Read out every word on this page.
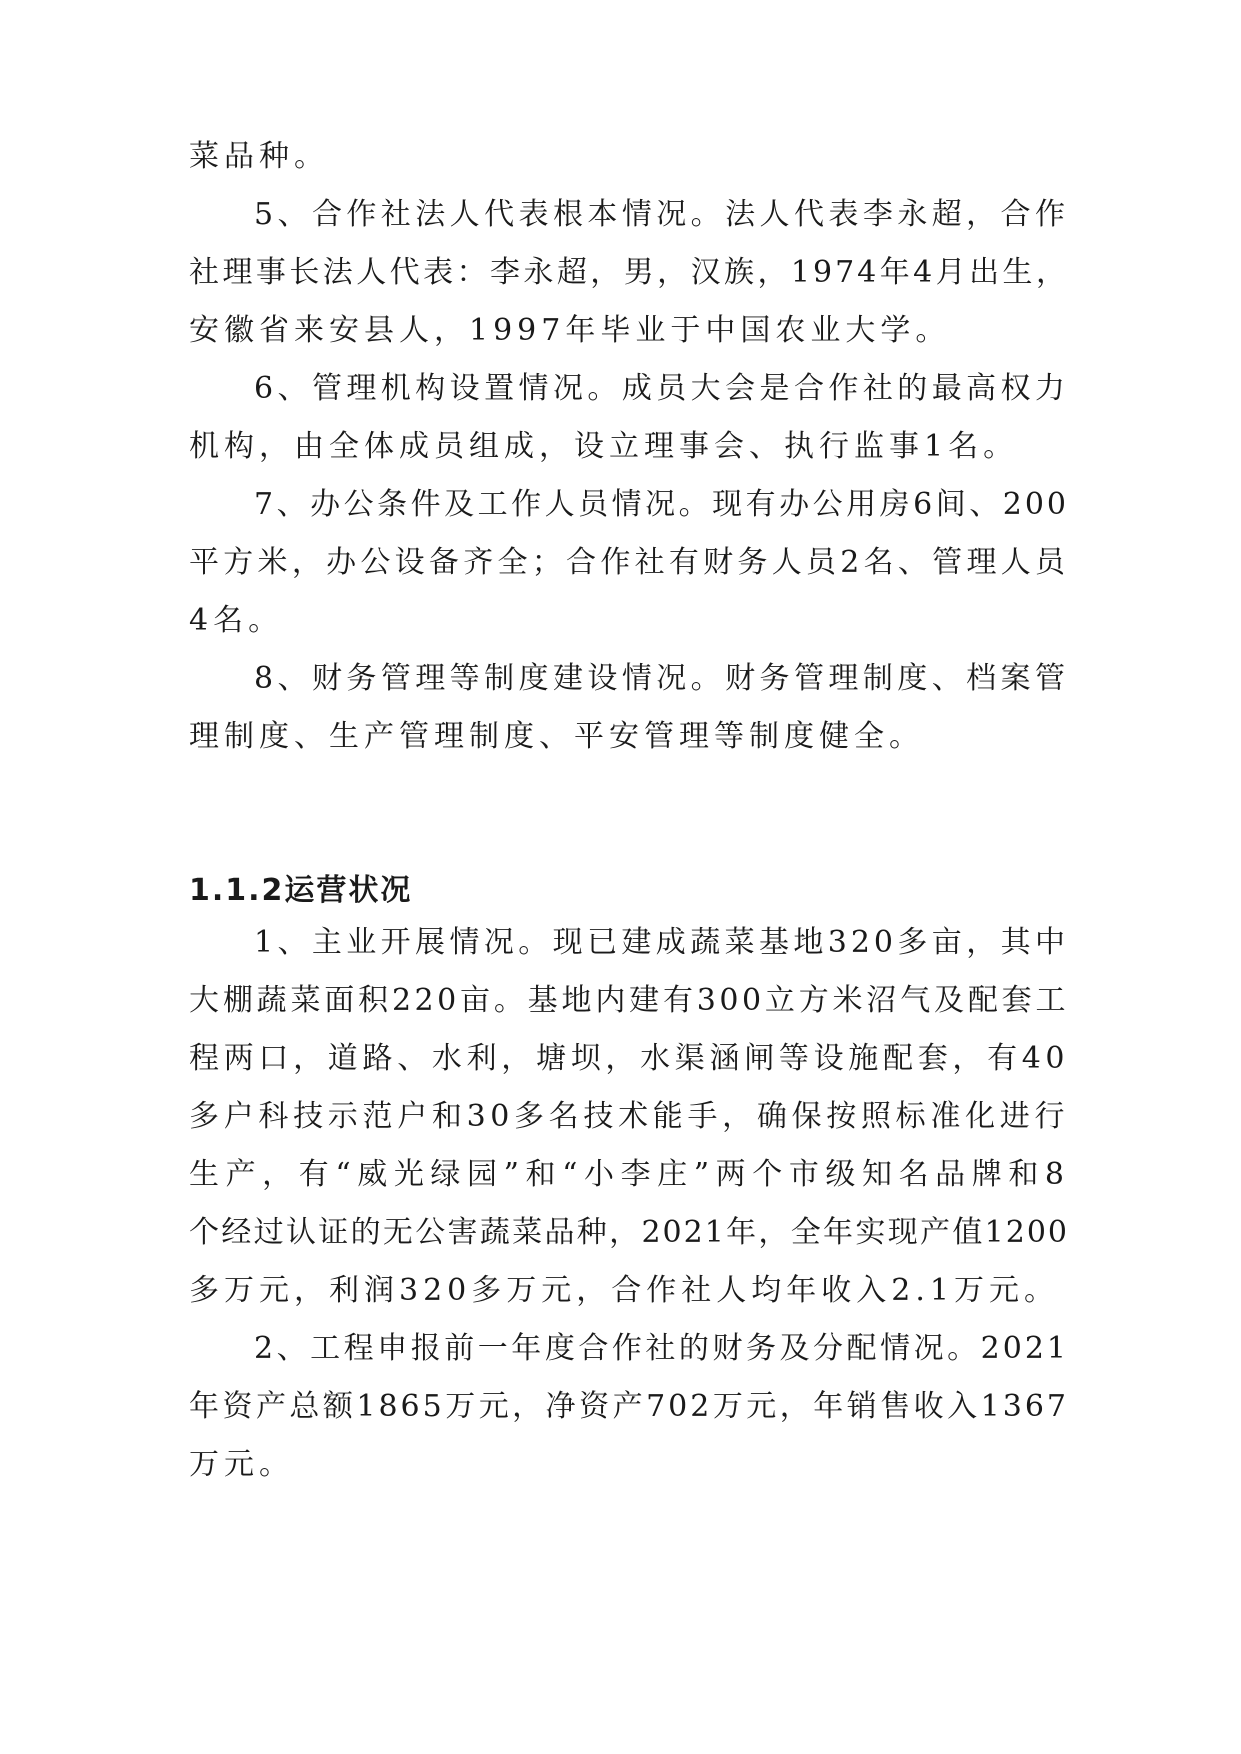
菜品种。

5、合作社法人代表根本情况。法人代表李永超，合作

社理事长法人代表：李永超，男，汉族，1974年4月出生，

安徽省来安县人，1997年毕业于中国农业大学。

6、管理机构设置情况。成员大会是合作社的最高权力

机构，由全体成员组成，设立理事会、执行监事1名。

7、办公条件及工作人员情况。现有办公用房6间、200

平方米，办公设备齐全；合作社有财务人员2名、管理人员

4名。

8、财务管理等制度建设情况。财务管理制度、档案管

理制度、生产管理制度、平安管理等制度健全。

1.1.2运营状况

1、主业开展情况。现已建成蔬菜基地320多亩，其中

大棚蔬菜面积220亩。基地内建有300立方米沼气及配套工

程两口，道路、水利，塘坝，水渠涵闸等设施配套，有40

多户科技示范户和30多名技术能手，确保按照标准化进行

生产，有“威光绿园”和“小李庄”两个市级知名品牌和8

个经过认证的无公害蔬菜品种，2021年，全年实现产值1200

多万元，利润320多万元，合作社人均年收入2.1万元。

2、工程申报前一年度合作社的财务及分配情况。2021

年资产总额1865万元，净资产702万元，年销售收入1367

万元。
